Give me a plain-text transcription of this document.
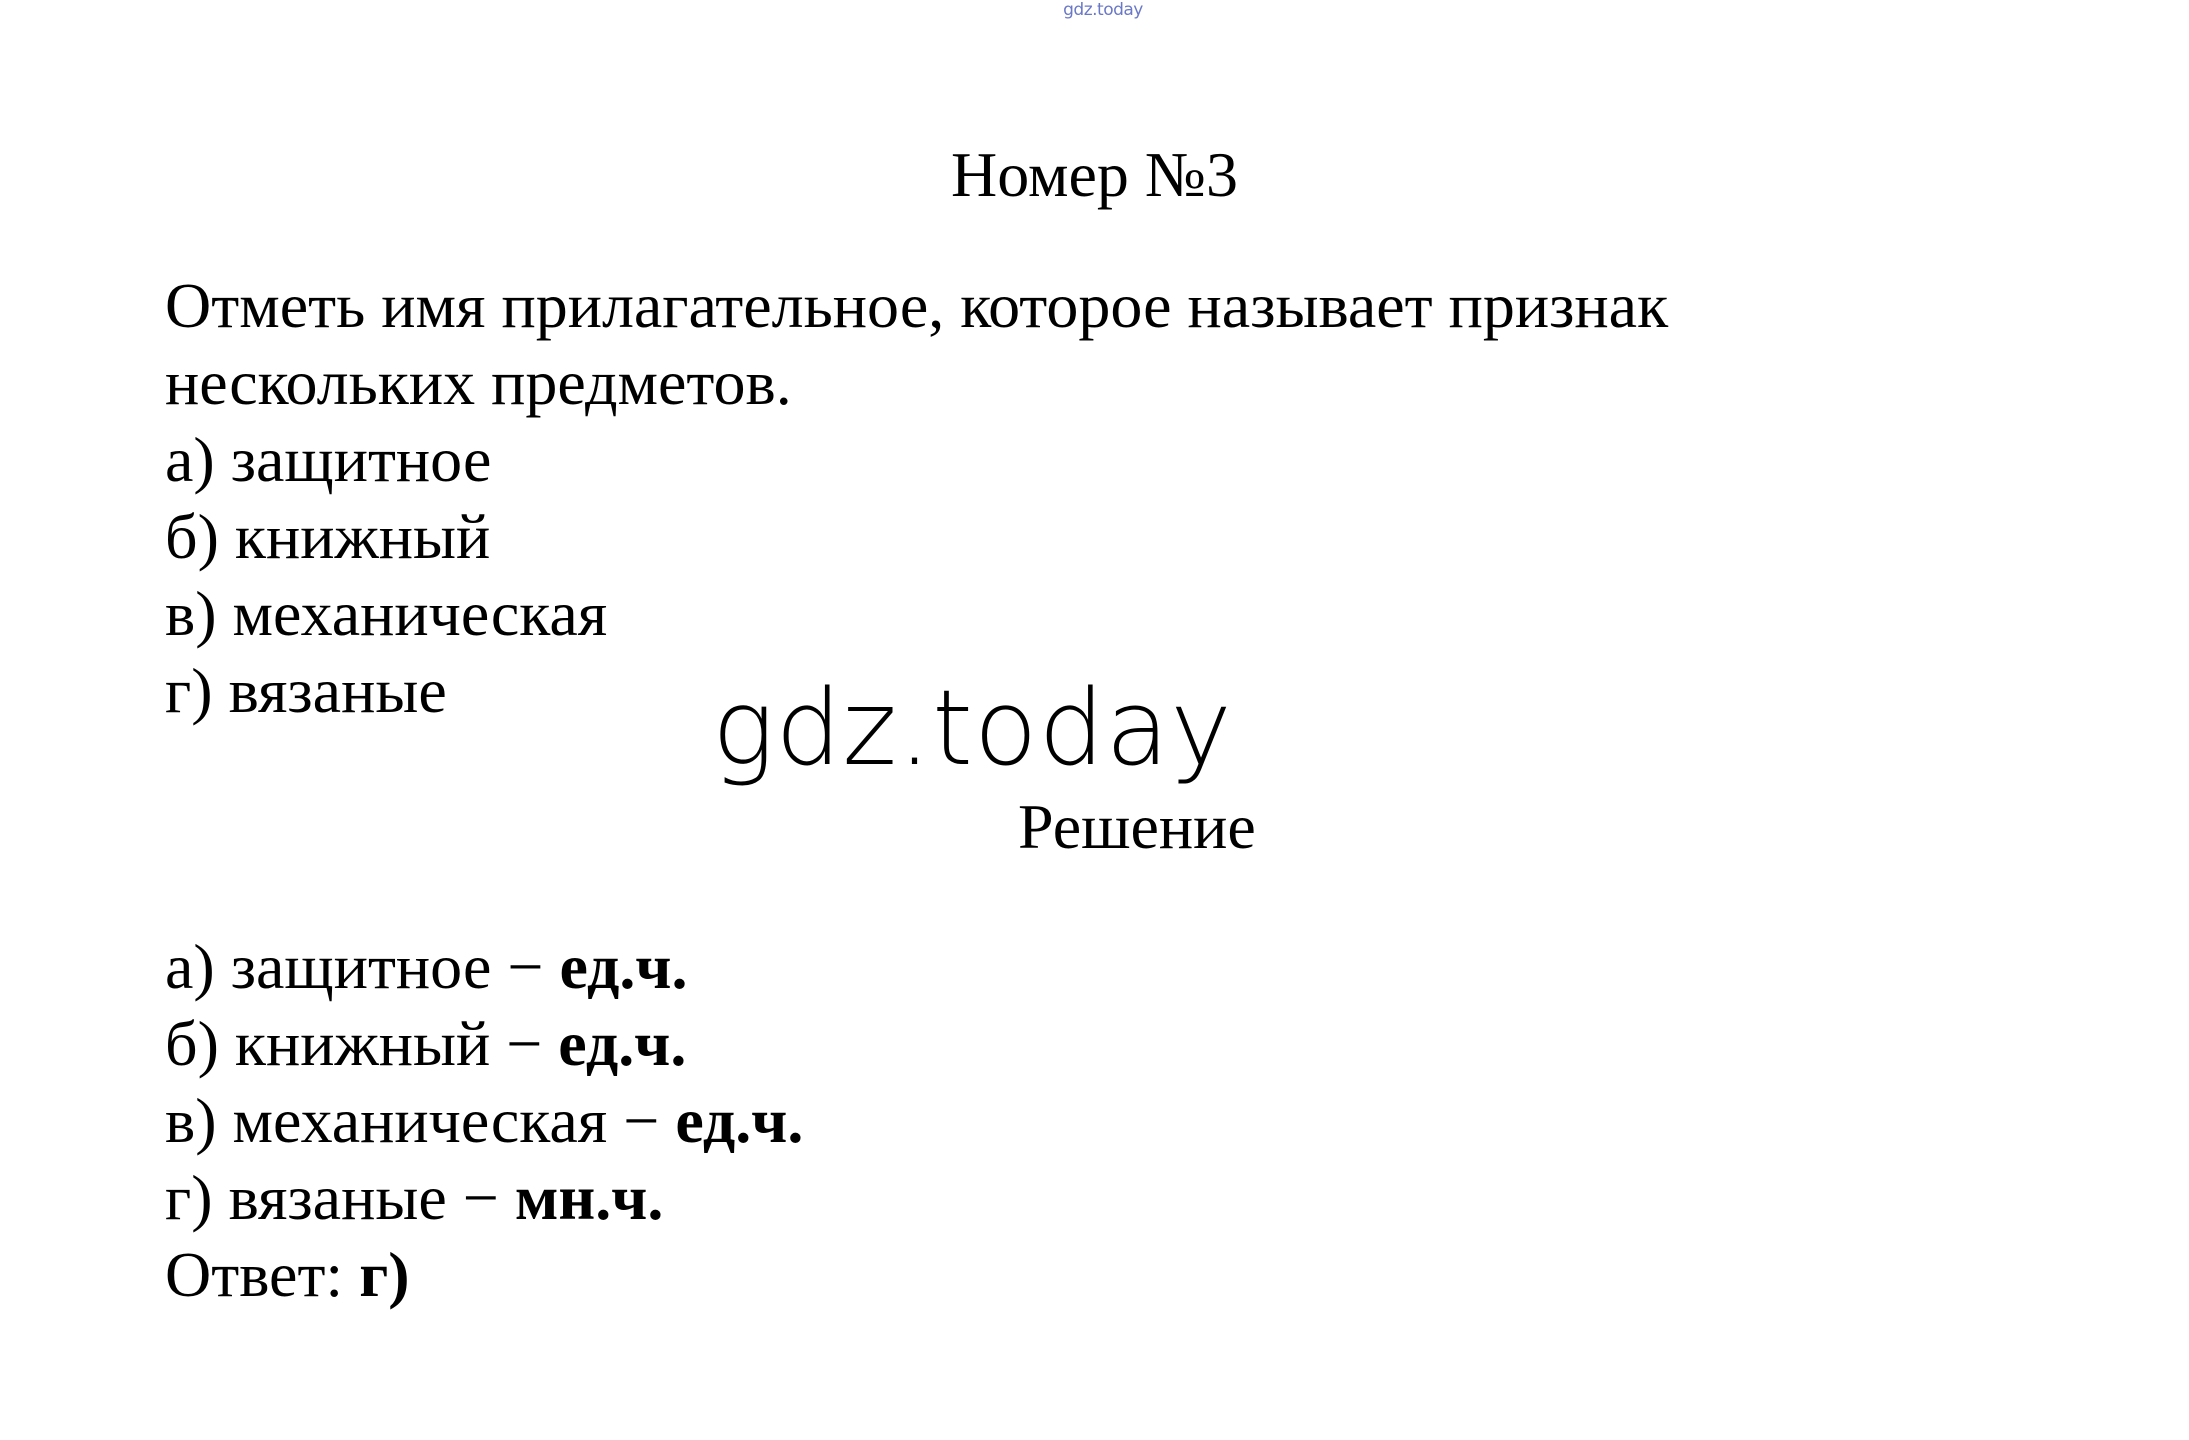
gdz.today
Номер №3
Отметь имя прилагательное, которое называет признак
нескольких предметов.
а) защитное
б) книжный
в) механическая
г) вязаные	gdz.today
Решение
а) защитное − ед.ч.
б) книжный − ед.ч.
в) механическая − ед.ч.
г) вязаные − мн.ч.
Ответ: г)
